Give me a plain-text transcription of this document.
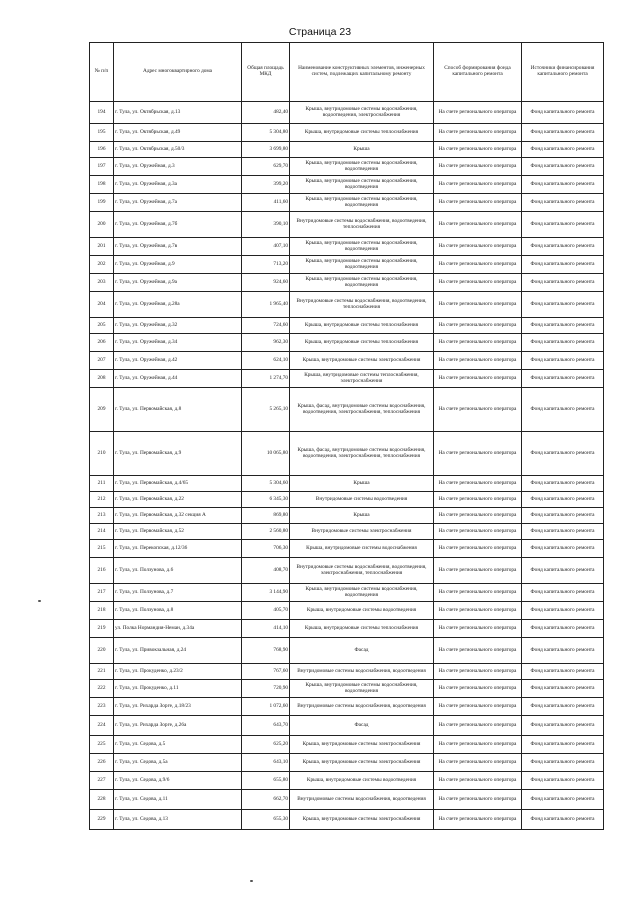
Страница 23
№ п/п	Адрес многоквартирного дома	Общая площадь МКД	Наименование конструктивных элементов, инженерных систем, подлежащих капитальному ремонту	Способ формирования фонда капитального ремонта	Источники финансирования капитального ремонта
194	г. Тула, ул. Октябрьская, д.13	482,40	Крыша, внутридомовые системы водоснабжения, водоотведения, электроснабжения	На счете регионального оператора	Фонд капитального ремонта
195	г. Тула, ул. Октябрьская, д.49	5 304,80	Крыша, внутридомовые системы теплоснабжения	На счете регионального оператора	Фонд капитального ремонта
196	г. Тула, ул. Октябрьская, д.50/3	3 699,80	Крыша	На счете регионального оператора	Фонд капитального ремонта
197	г. Тула, ул. Оружейная, д.3	629,70	Крыша, внутридомовые системы водоснабжения, водоотведения	На счете регионального оператора	Фонд капитального ремонта
198	г. Тула, ул. Оружейная, д.3а	399,20	Крыша, внутридомовые системы водоснабжения, водоотведения	На счете регионального оператора	Фонд капитального ремонта
199	г. Тула, ул. Оружейная, д.7а	411,60	Крыша, внутридомовые системы водоснабжения, водоотведения	На счете регионального оператора	Фонд капитального ремонта
200	г. Тула, ул. Оружейная, д.7б	390,10	Внутридомовые системы водоснабжения, водоотведения, теплоснабжения	На счете регионального оператора	Фонд капитального ремонта
201	г. Тула, ул. Оружейная, д.7в	407,10	Крыша, внутридомовые системы водоснабжения, водоотведения	На счете регионального оператора	Фонд капитального ремонта
202	г. Тула, ул. Оружейная, д.9	713,20	Крыша, внутридомовые системы водоснабжения, водоотведения	На счете регионального оператора	Фонд капитального ремонта
203	г. Тула, ул. Оружейная, д.9а	924,60	Крыша, внутридомовые системы водоснабжения, водоотведения	На счете регионального оператора	Фонд капитального ремонта
204	г. Тула, ул. Оружейная, д.28а	1 965,40	Внутридомовые системы водоснабжения, водоотведения, теплоснабжения	На счете регионального оператора	Фонд капитального ремонта
205	г. Тула, ул. Оружейная, д.32	724,60	Крыша, внутридомовые системы теплоснабжения	На счете регионального оператора	Фонд капитального ремонта
206	г. Тула, ул. Оружейная, д.34	962,30	Крыша, внутридомовые системы теплоснабжения	На счете регионального оператора	Фонд капитального ремонта
207	г. Тула, ул. Оружейная, д.42	624,10	Крыша, внутридомовые системы электроснабжения	На счете регионального оператора	Фонд капитального ремонта
208	г. Тула, ул. Оружейная, д.44	1 274,70	Крыша, внутридомовые системы теплоснабжения, электроснабжения	На счете регионального оператора	Фонд капитального ремонта
209	г. Тула, ул. Первомайская, д.8	5 265,10	Крыша, фасад, внутридомовые системы водоснабжения, водоотведения, электроснабжения, теплоснабжения	На счете регионального оператора	Фонд капитального ремонта
210	г. Тула, ул. Первомайская, д.9	10 065,80	Крыша, фасад, внутридомовые системы водоснабжения, водоотведения, электроснабжения, теплоснабжения	На счете регионального оператора	Фонд капитального ремонта
211	г. Тула, ул. Первомайская, д.4/65	5 304,60	Крыша	На счете регионального оператора	Фонд капитального ремонта
212	г. Тула, ул. Первомайская, д.22	6 345,30	Внутридомовые системы водоотведения	На счете регионального оператора	Фонд капитального ремонта
213	г. Тула, ул. Первомайская, д.32 секция А	869,80	Крыша	На счете регионального оператора	Фонд капитального ремонта
214	г. Тула, ул. Первомайская, д.52	2 560,80	Внутридомовые системы электроснабжения	На счете регионального оператора	Фонд капитального ремонта
215	г. Тула, ул. Перекопская, д.12/36	706,30	Крыша, внутридомовые системы водоснабжения	На счете регионального оператора	Фонд капитального ремонта
216	г. Тула, ул. Ползунова, д.6	408,70	Внутридомовые системы водоснабжения, водоотведения, электроснабжения, теплоснабжения	На счете регионального оператора	Фонд капитального ремонта
217	г. Тула, ул. Ползунова, д.7	3 144,90	Крыша, внутридомовые системы водоснабжения, водоотведения	На счете регионального оператора	Фонд капитального ремонта
218	г. Тула, ул. Ползунова, д.8	405,70	Крыша, внутридомовые системы водоотведения	На счете регионального оператора	Фонд капитального ремонта
219	ул. Полка Нормандия-Неман, д.34а	414,10	Крыша, внутридомовые системы теплоснабжения	На счете регионального оператора	Фонд капитального ремонта
220	г. Тула, ул. Привокзальная, д.24	768,90	Фасад	На счете регионального оператора	Фонд капитального ремонта
221	г. Тула, ул. Прокуденко, д.23/2	767,60	Внутридомовые системы водоснабжения, водоотведения	На счете регионального оператора	Фонд капитального ремонта
222	г. Тула, ул. Прокуденко, д.11	720,90	Крыша, внутридомовые системы водоснабжения, водоотведения	На счете регионального оператора	Фонд капитального ремонта
223	г. Тула, ул. Рихарда Зорге, д.18/23	1 072,60	Внутридомовые системы водоснабжения, водоотведения	На счете регионального оператора	Фонд капитального ремонта
224	г. Тула, ул. Рихарда Зорге, д.26а	643,70	Фасад	На счете регионального оператора	Фонд капитального ремонта
225	г. Тула, ул. Седова, д.5	625,20	Крыша, внутридомовые системы электроснабжения	На счете регионального оператора	Фонд капитального ремонта
226	г. Тула, ул. Седова, д.5а	643,10	Крыша, внутридомовые системы электроснабжения	На счете регионального оператора	Фонд капитального ремонта
227	г. Тула, ул. Седова, д.9/6	655,80	Крыша, внутридомовые системы водоотведения	На счете регионального оператора	Фонд капитального ремонта
228	г. Тула, ул. Седова, д.11	662,70	Внутридомовые системы водоснабжения, водоотведения	На счете регионального оператора	Фонд капитального ремонта
229	г. Тула, ул. Седова, д.13	655,30	Крыша, внутридомовые системы электроснабжения	На счете регионального оператора	Фонд капитального ремонта
